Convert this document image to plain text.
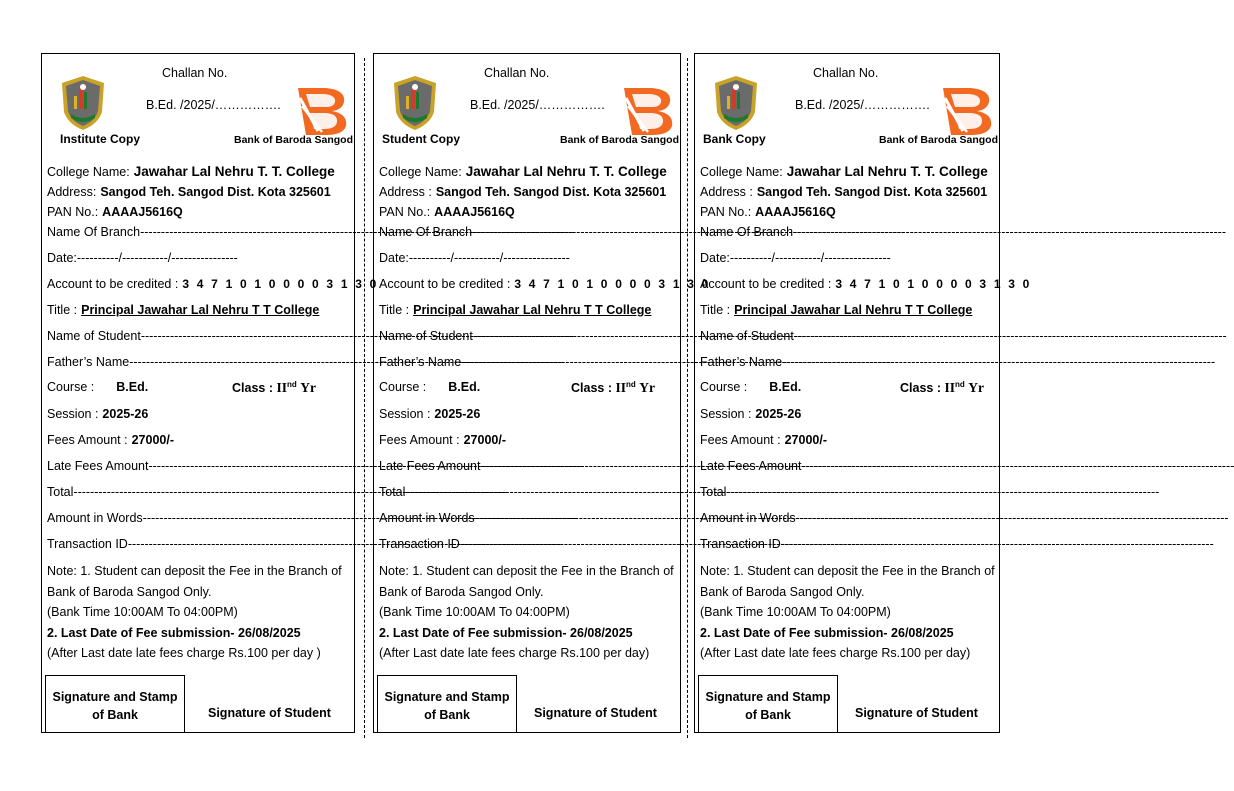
Challan No.
B.Ed. /2025/…………….
Institute Copy	Bank of Baroda Sangod
College Name: Jawahar Lal Nehru T. T. College
Address: Sangod Teh. Sangod Dist. Kota 325601
PAN No.: AAAAJ5616Q
Name Of Branch -----
Date:----------/-----------/----------------
Account to be credited : 3 4 7 1 0 1 0 0 0 0 3 1 3 0
Title : Principal Jawahar Lal Nehru T T College
Name of Student -----
Father’s Name -----
Course : B.Ed.	Class : IInd Yr
Session : 2025-26
Fees Amount : 27000/-
Late Fees Amount -----
Total -----
Amount in Words -----
Transaction ID -----
Note: 1. Student can deposit the Fee in the Branch of Bank of Baroda Sangod Only.
(Bank Time 10:00AM To 04:00PM)
2. Last Date of Fee submission- 26/08/2025
(After Last date late fees charge Rs.100 per day )
Signature and Stamp
of Bank	Signature of Student
Challan No.
B.Ed. /2025/…………….
Student Copy	Bank of Baroda Sangod
College Name: Jawahar Lal Nehru T. T. College
Address : Sangod Teh. Sangod Dist. Kota 325601
PAN No.: AAAAJ5616Q
Name Of Branch -----
Date:----------/-----------/----------------
Account to be credited : 3 4 7 1 0 1 0 0 0 0 3 1 3 0
Title : Principal Jawahar Lal Nehru T T College
Name of Student -----
Father’s Name -----
Course : B.Ed.	Class : IInd Yr
Session : 2025-26
Fees Amount : 27000/-
Late Fees Amount -----
Total -----
Amount in Words -----
Transaction ID -----
Note: 1. Student can deposit the Fee in the Branch of Bank of Baroda Sangod Only.
(Bank Time 10:00AM To 04:00PM)
2. Last Date of Fee submission- 26/08/2025
(After Last date late fees charge Rs.100 per day)
Signature and Stamp
of Bank	Signature of Student
Challan No.
B.Ed. /2025/…………….
Bank Copy	Bank of Baroda Sangod
College Name: Jawahar Lal Nehru T. T. College
Address : Sangod Teh. Sangod Dist. Kota 325601
PAN No.: AAAAJ5616Q
Name Of Branch -----
Date:----------/-----------/----------------
Account to be credited : 3 4 7 1 0 1 0 0 0 0 3 1 3 0
Title : Principal Jawahar Lal Nehru T T College
Name of Student -----
Father’s Name -----
Course : B.Ed.	Class : IInd Yr
Session : 2025-26
Fees Amount : 27000/-
Late Fees Amount -----
Total -----
Amount in Words -----
Transaction ID -----
Note: 1. Student can deposit the Fee in the Branch of Bank of Baroda Sangod Only.
(Bank Time 10:00AM To 04:00PM)
2. Last Date of Fee submission- 26/08/2025
(After Last date late fees charge Rs.100 per day)
Signature and Stamp
of Bank	Signature of Student
